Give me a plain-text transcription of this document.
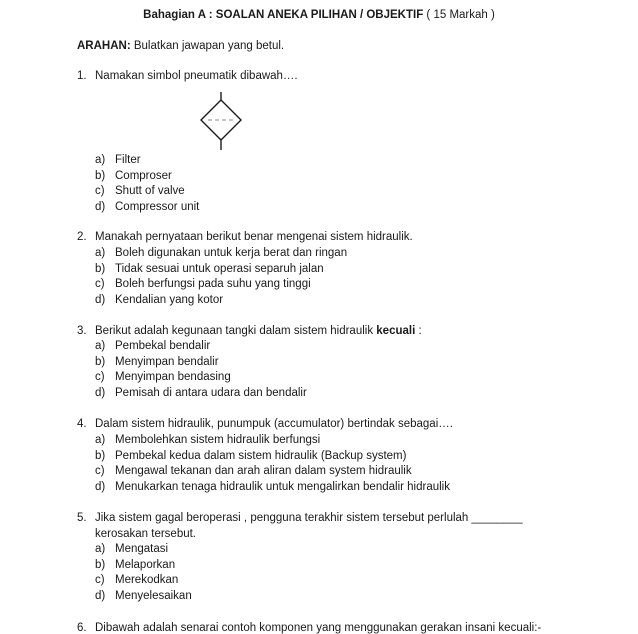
Bahagian A : SOALAN ANEKA PILIHAN / OBJEKTIF ( 15 Markah )
ARAHAN: Bulatkan jawapan yang betul.
1. Namakan simbol pneumatik dibawah….
a) Filter
b) Comproser
c) Shutt of valve
d) Compressor unit
2. Manakah pernyataan berikut benar mengenai sistem hidraulik.
a) Boleh digunakan untuk kerja berat dan ringan
b) Tidak sesuai untuk operasi separuh jalan
c) Boleh berfungsi pada suhu yang tinggi
d) Kendalian yang kotor
3. Berikut adalah kegunaan tangki dalam sistem hidraulik kecuali :
a) Pembekal bendalir
b) Menyimpan bendalir
c) Menyimpan bendasing
d) Pemisah di antara udara dan bendalir
4. Dalam sistem hidraulik, punumpuk (accumulator) bertindak sebagai….
a) Membolehkan sistem hidraulik berfungsi
b) Pembekal kedua dalam sistem hidraulik (Backup system)
c) Mengawal tekanan dan arah aliran dalam system hidraulik
d) Menukarkan tenaga hidraulik untuk mengalirkan bendalir hidraulik
5. Jika sistem gagal beroperasi , pengguna terakhir sistem tersebut perlulah ________
kerosakan tersebut.
a) Mengatasi
b) Melaporkan
c) Merekodkan
d) Menyelesaikan
6. Dibawah adalah senarai contoh komponen yang menggunakan gerakan insani kecuali:-
